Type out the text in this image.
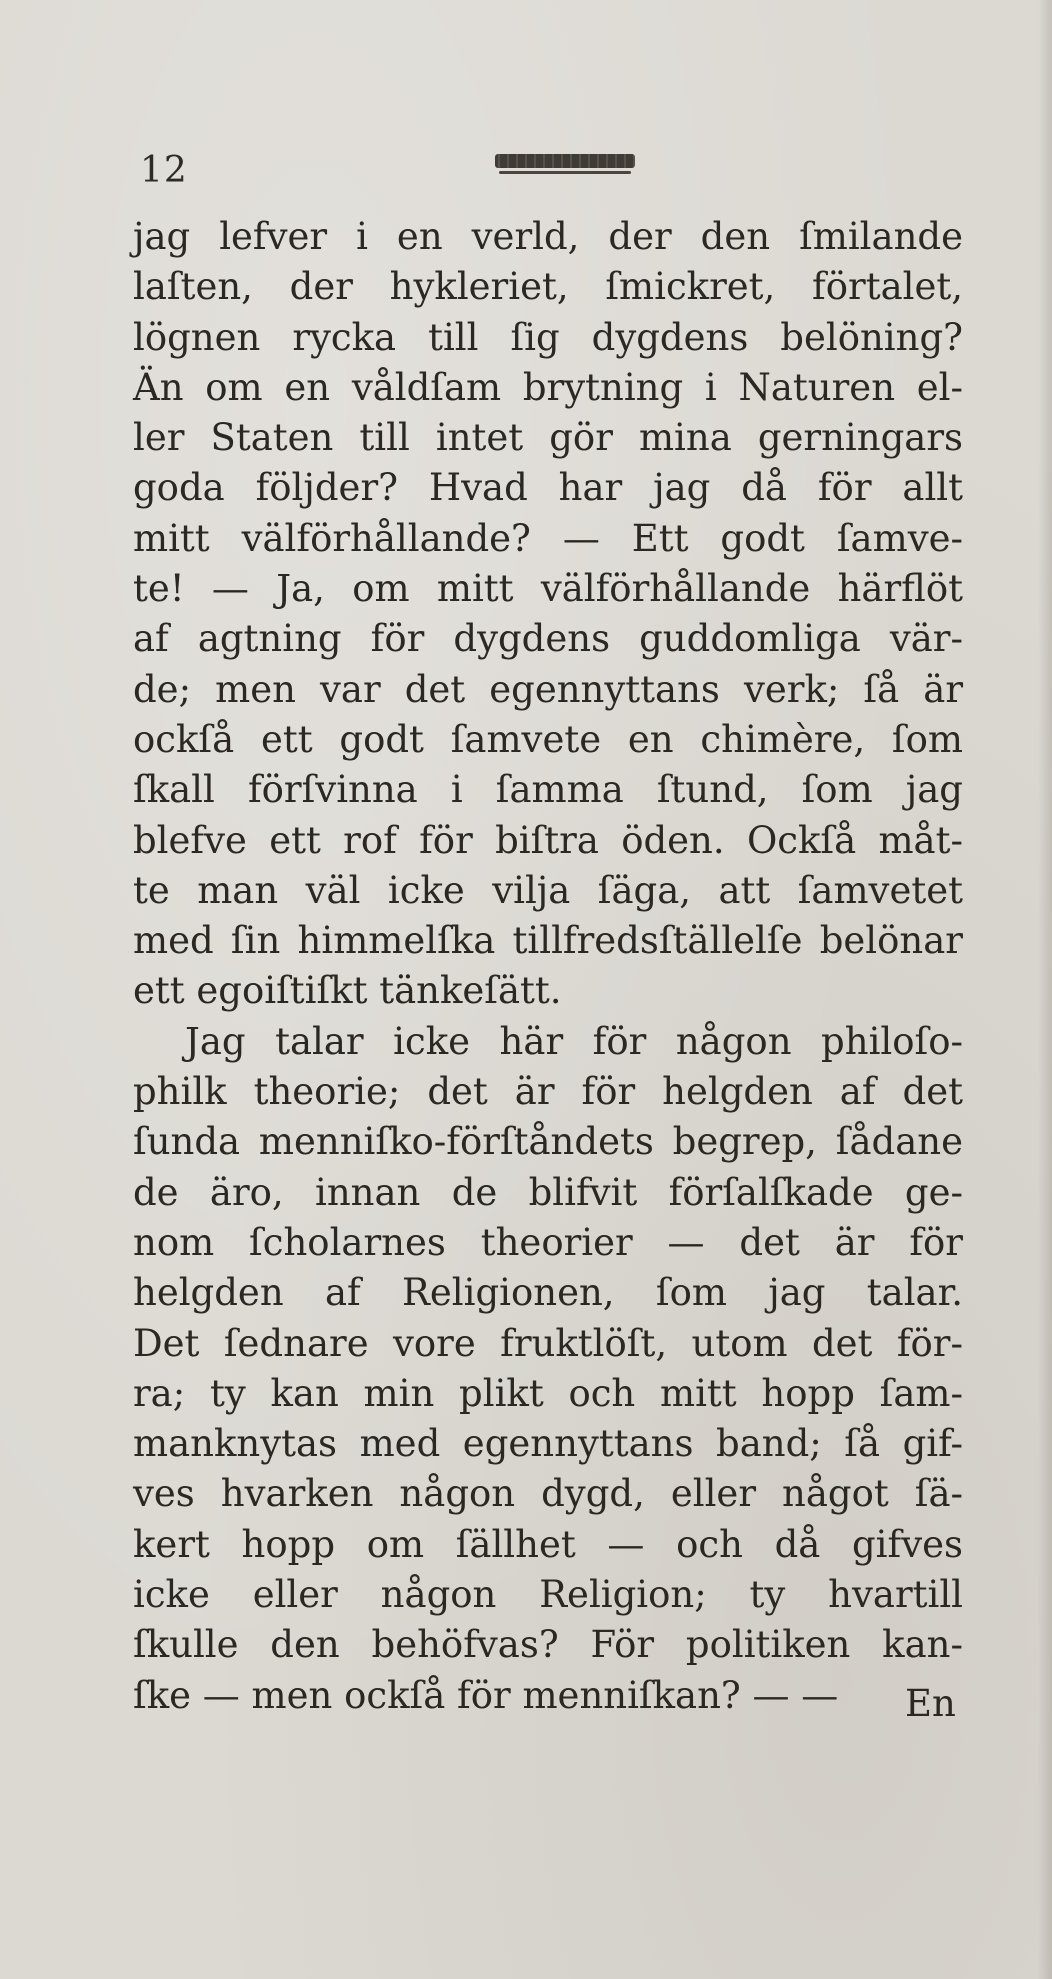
12
jag lefver i en verld, der den ſmilande
laſten, der hykleriet, ſmickret, förtalet,
lögnen rycka till ſig dygdens belöning?
Än om en våldſam brytning i Naturen el-
ler Staten till intet gör mina gerningars
goda följder? Hvad har jag då för allt
mitt välförhållande? — Ett godt ſamve-
te! — Ja, om mitt välförhållande härflöt
af agtning för dygdens guddomliga vär-
de; men var det egennyttans verk; ſå är
ockſå ett godt ſamvete en chimère, ſom
ſkall förſvinna i ſamma ſtund, ſom jag
blefve ett rof för biſtra öden. Ockſå måt-
te man väl icke vilja ſäga, att ſamvetet
med ſin himmelſka tillfredsſtällelſe belönar
ett egoiſtiſkt tänkeſätt.
Jag talar icke här för någon philoſo-
philk theorie; det är för helgden af det
ſunda menniſko-förſtåndets begrep, ſådane
de äro, innan de blifvit förſalſkade ge-
nom ſcholarnes theorier — det är för
helgden af Religionen, ſom jag talar.
Det ſednare vore fruktlöſt, utom det för-
ra; ty kan min plikt och mitt hopp ſam-
manknytas med egennyttans band; ſå gif-
ves hvarken någon dygd, eller något ſä-
kert hopp om ſällhet — och då gifves
icke eller någon Religion; ty hvartill
ſkulle den behöfvas? För politiken kan-
ſke — men ockſå för menniſkan? — —	En
